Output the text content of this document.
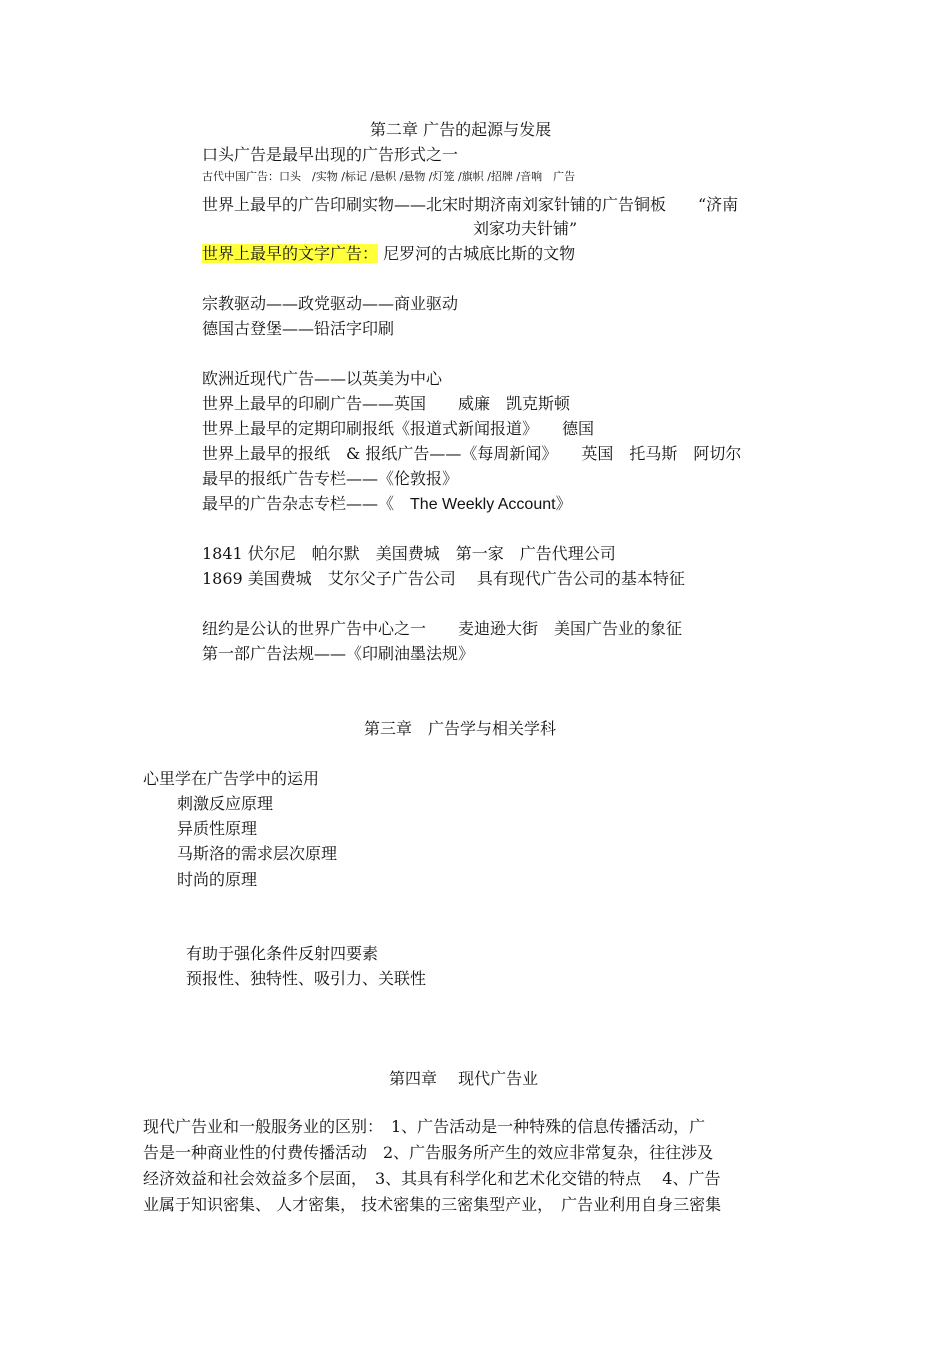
第二章 广告的起源与发展
口头广告是最早出现的广告形式之一
古代中国广告：口头　/实物 /标记 /悬帜 /悬物 /灯笼 /旗帜 /招牌 /音响　广告
世界上最早的广告印刷实物——北宋时期济南刘家针铺的广告铜板　　“济南
刘家功夫针铺”
世界上最早的文字广告： 尼罗河的古城底比斯的文物
宗教驱动——政党驱动——商业驱动
德国古登堡——铅活字印刷
欧洲近现代广告——以英美为中心
世界上最早的印刷广告——英国　　威廉　凯克斯顿
世界上最早的定期印刷报纸《报道式新闻报道》　　德国
世界上最早的报纸　& 报纸广告——《每周新闻》　　英国　托马斯　阿切尔
最早的报纸广告专栏——《伦敦报》
最早的广告杂志专栏——《　The Weekly Account》
1841 伏尔尼　帕尔默　美国费城　第一家　广告代理公司
1869 美国费城　艾尔父子广告公司　 具有现代广告公司的基本特征
纽约是公认的世界广告中心之一　　麦迪逊大街　美国广告业的象征
第一部广告法规——《印刷油墨法规》
第三章　广告学与相关学科
心里学在广告学中的运用
刺激反应原理
异质性原理
马斯洛的需求层次原理
时尚的原理
有助于强化条件反射四要素
预报性、独特性、吸引力、关联性
第四章　 现代广告业
现代广告业和一般服务业的区别：　1、广告活动是一种特殊的信息传播活动，广
告是一种商业性的付费传播活动　2、广告服务所产生的效应非常复杂，往往涉及
经济效益和社会效益多个层面，　3、其具有科学化和艺术化交错的特点　 4、广告
业属于知识密集、 人才密集， 技术密集的三密集型产业，　广告业利用自身三密集
